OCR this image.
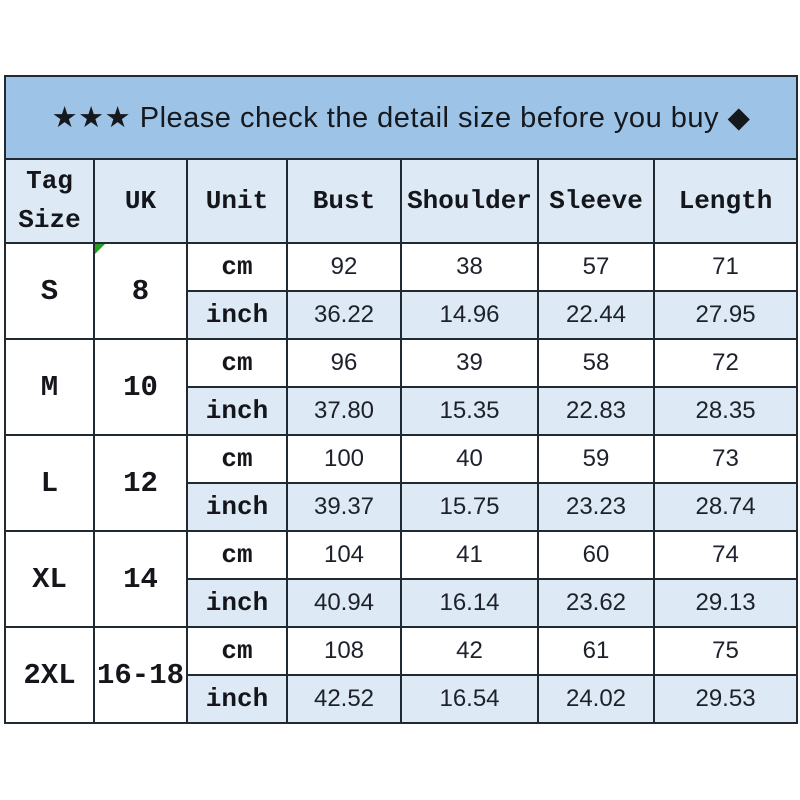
★★★ Please check the detail size before you buy ◆						
Tag Size	UK	Unit	Bust	Shoulder	Sleeve	Length
S	8	cm	92	38	57	71
		inch	36.22	14.96	22.44	27.95
M	10	cm	96	39	58	72
		inch	37.80	15.35	22.83	28.35
L	12	cm	100	40	59	73
		inch	39.37	15.75	23.23	28.74
XL	14	cm	104	41	60	74
		inch	40.94	16.14	23.62	29.13
2XL	16-18	cm	108	42	61	75
		inch	42.52	16.54	24.02	29.53
